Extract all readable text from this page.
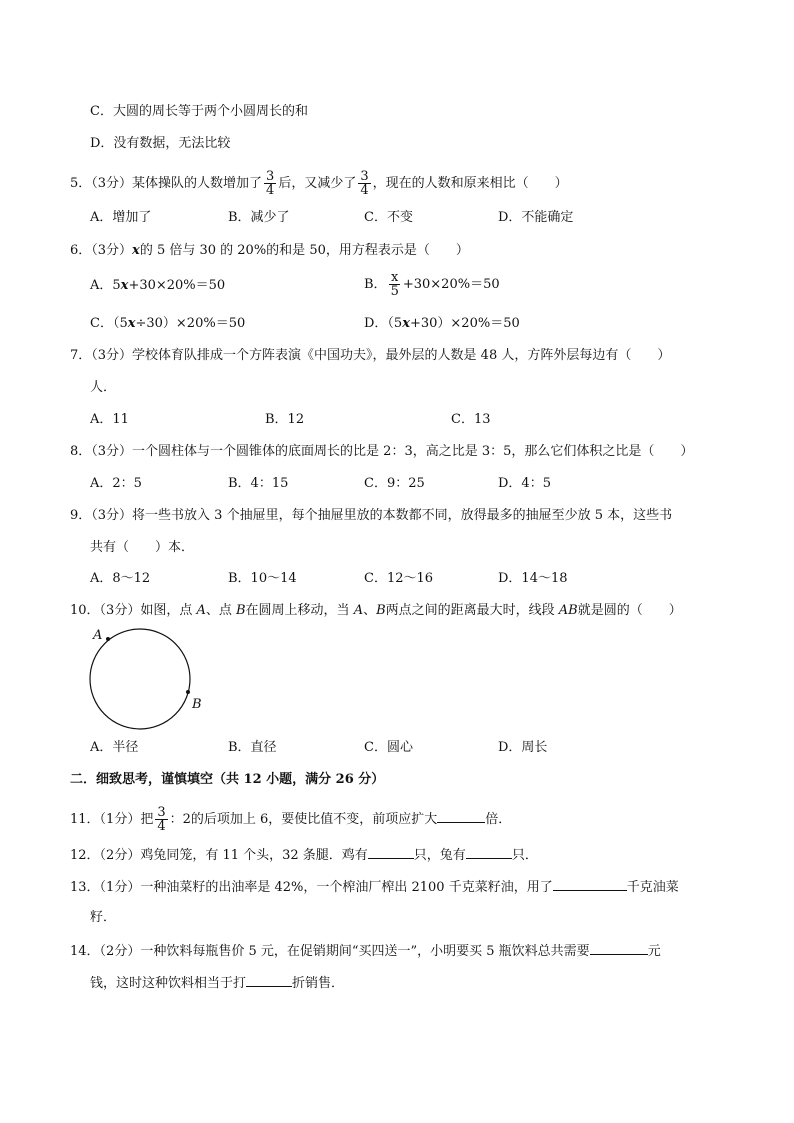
C．大圆的周长等于两个小圆周长的和
D．没有数据，无法比较
5．（3分）某体操队的人数增加了 $\frac{3}{4}$ 后，又减少了 $\frac{3}{4}$ ，现在的人数和原来相比（　　）
A．增加了	B．减少了	C．不变	D．不能确定
6．（3分）x的 5 倍与 30 的 20%的和是 50，用方程表示是（　　）
A．5x+30×20%＝50	B． $\frac{x}{5} +30\times 20\%=50$
C．（5x÷30）×20%＝50	D．（5x+30）×20%＝50
7．（3分）学校体育队排成一个方阵表演《中国功夫》，最外层的人数是 48 人，方阵外层每边有（　　）
人．
A．11	B．12	C．13
8．（3分）一个圆柱体与一个圆锥体的底面周长的比是 2：3，高之比是 3：5，那么它们体积之比是（　　）
A．2：5	B．4：15	C．9：25	D．4：5
9．（3分）将一些书放入 3 个抽屉里，每个抽屉里放的本数都不同，放得最多的抽屉至少放 5 本，这些书
共有（　　）本．
A．8～12	B．10～14	C．12～16	D．14～18
10．（3分）如图，点 A、点 B在圆周上移动，当 A、B两点之间的距离最大时，线段 AB就是圆的（　　）
A
B
A．半径	B．直径	C．圆心	D．周长
二．细致思考，谨慎填空（共 12 小题，满分 26 分）
11．（1分）把 $\frac{3}{4}$ ：2的后项加上 6，要使比值不变，前项应扩大	倍．
12．（2分）鸡兔同笼，有 11 个头，32 条腿．鸡有	只，兔有	只．
13．（1分）一种油菜籽的出油率是 42%，一个榨油厂榨出 2100 千克菜籽油，用了	千克油菜
籽．
14．（2分）一种饮料每瓶售价 5 元，在促销期间“买四送一”，小明要买 5 瓶饮料总共需要	元
钱，这时这种饮料相当于打	折销售．
